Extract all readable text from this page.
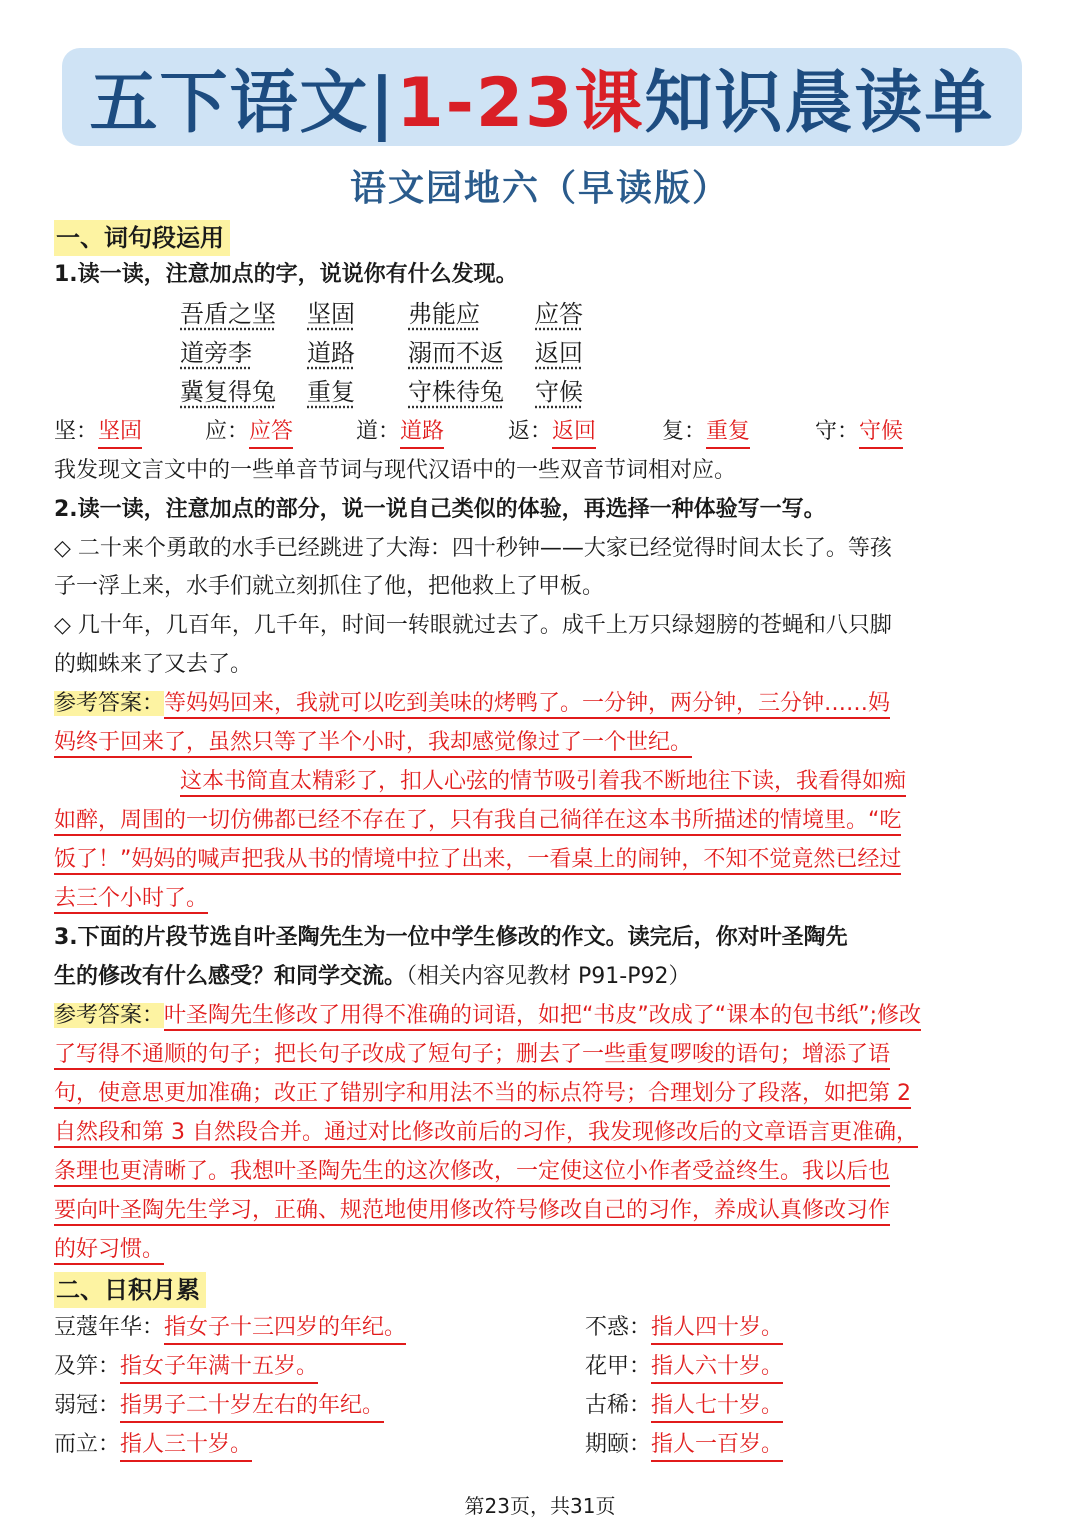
五下语文| 1-23课 知识晨读单
语文园地六（早读版）
一、词句段运用
1.读一读，注意加点的字，说说你有什么发现。
吾盾之坚 坚固 弗能应 应答
道旁李 道路 溺而不返 返回
冀复得兔 重复 守株待兔 守候
坚：坚固	应：应答	道：道路	返：返回	复：重复	守：守候
我发现文言文中的一些单音节词与现代汉语中的一些双音节词相对应。
2.读一读，注意加点的部分，说一说自己类似的体验，再选择一种体验写一写。
◇ 二十来个勇敢的水手已经跳进了大海：四十秒钟——大家已经觉得时间太长了。等孩
子一浮上来，水手们就立刻抓住了他，把他救上了甲板。
◇ 几十年，几百年，几千年，时间一转眼就过去了。成千上万只绿翅膀的苍蝇和八只脚
的蜘蛛来了又去了。
参考答案：等妈妈回来，我就可以吃到美味的烤鸭了。一分钟，两分钟，三分钟……妈
妈终于回来了，虽然只等了半个小时，我却感觉像过了一个世纪。
这本书简直太精彩了，扣人心弦的情节吸引着我不断地往下读，我看得如痴
如醉，周围的一切仿佛都已经不存在了，只有我自己徜徉在这本书所描述的情境里。“吃
饭了！”妈妈的喊声把我从书的情境中拉了出来，一看桌上的闹钟，不知不觉竟然已经过
去三个小时了。
3.下面的片段节选自叶圣陶先生为一位中学生修改的作文。读完后，你对叶圣陶先
生的修改有什么感受？和同学交流。（相关内容见教材 P91-P92）
参考答案：叶圣陶先生修改了用得不准确的词语，如把“书皮”改成了“课本的包书纸”;修改
了写得不通顺的句子；把长句子改成了短句子；删去了一些重复啰唆的语句；增添了语
句，使意思更加准确；改正了错别字和用法不当的标点符号；合理划分了段落，如把第 2
自然段和第 3 自然段合并。通过对比修改前后的习作，我发现修改后的文章语言更准确，
条理也更清晰了。我想叶圣陶先生的这次修改，一定使这位小作者受益终生。我以后也
要向叶圣陶先生学习，正确、规范地使用修改符号修改自己的习作，养成认真修改习作
的好习惯。
二、日积月累
豆蔻年华：指女子十三四岁的年纪。
及笄：指女子年满十五岁。
弱冠：指男子二十岁左右的年纪。
而立：指人三十岁。
不惑：指人四十岁。
花甲：指人六十岁。
古稀：指人七十岁。
期颐：指人一百岁。
第23页，共31页
